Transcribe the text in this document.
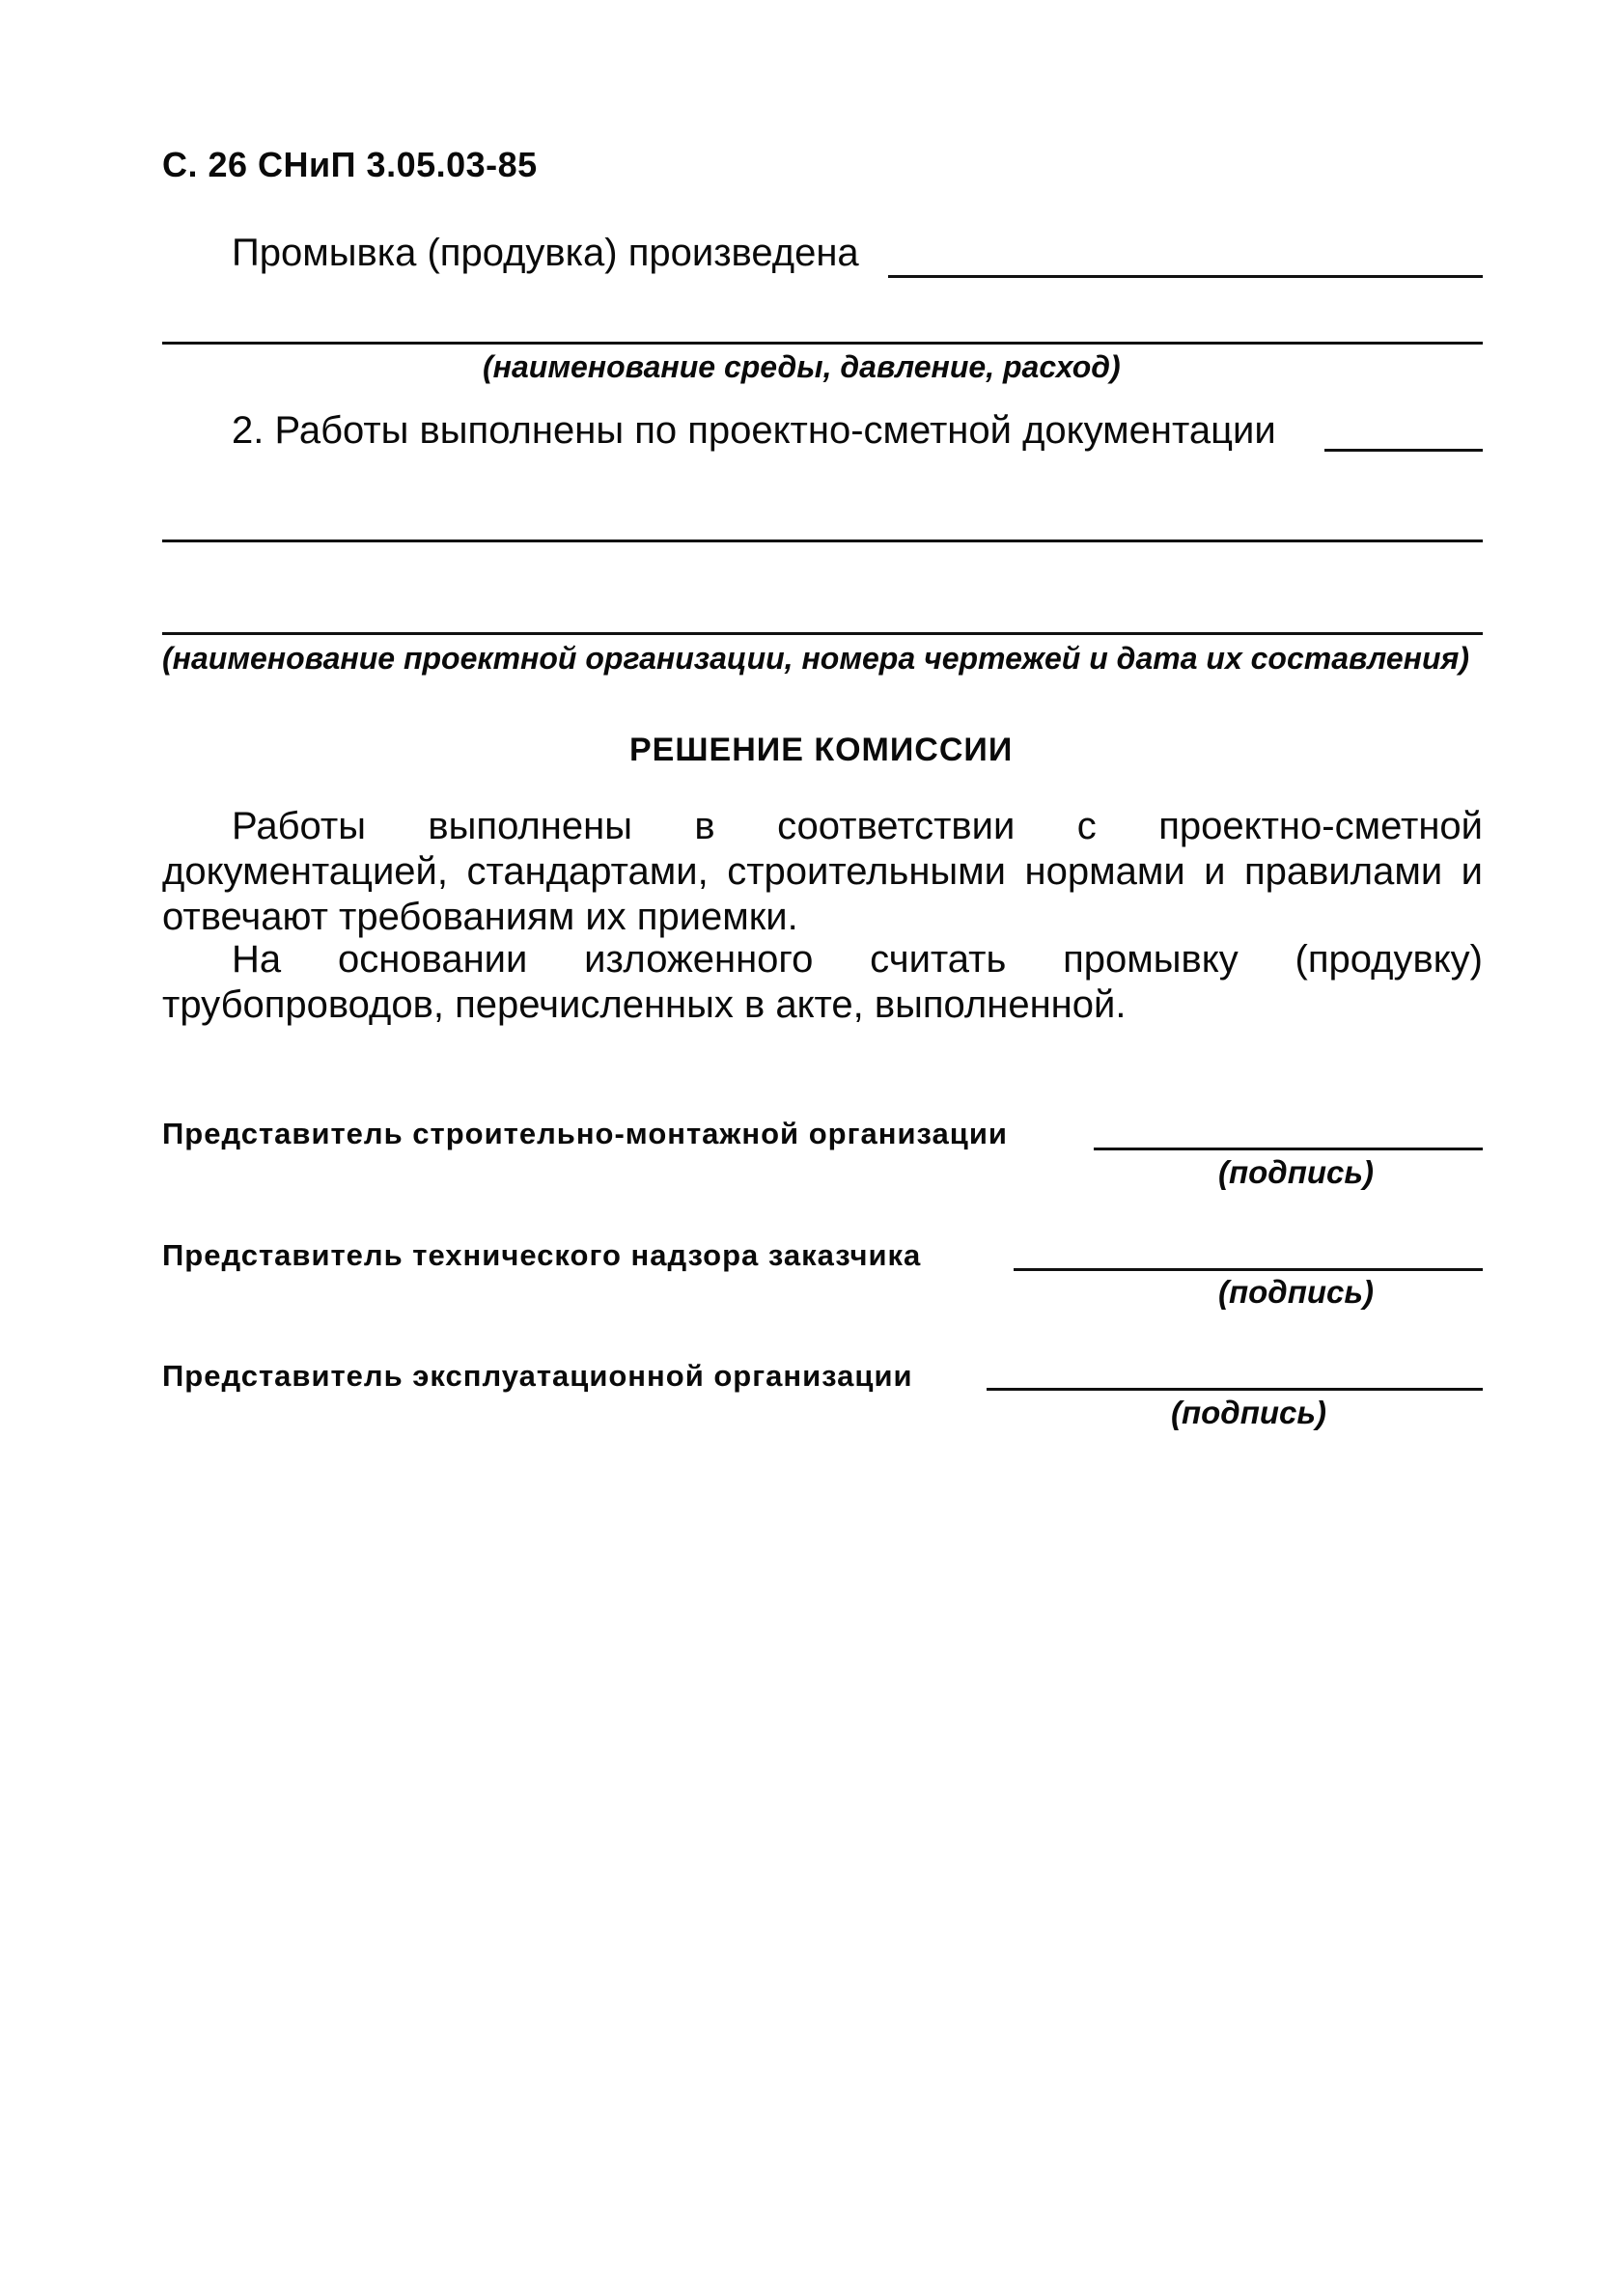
С. 26 СНиП 3.05.03-85
Промывка (продувка) произведена
(наименование среды, давление, расход)
2. Работы выполнены по проектно-сметной документации
(наименование проектной организации, номера чертежей и дата их составления)
РЕШЕНИЕ КОМИССИИ
Работы выполнены в соответствии с проектно-сметной документацией, стандартами, строительными нормами и правилами и отвечают требованиям их приемки.
На основании изложенного считать промывку (продувку) трубопроводов, перечисленных в акте, выполненной.
Представитель строительно-монтажной организации
(подпись)
Представитель технического надзора заказчика
(подпись)
Представитель эксплуатационной организации
(подпись)
